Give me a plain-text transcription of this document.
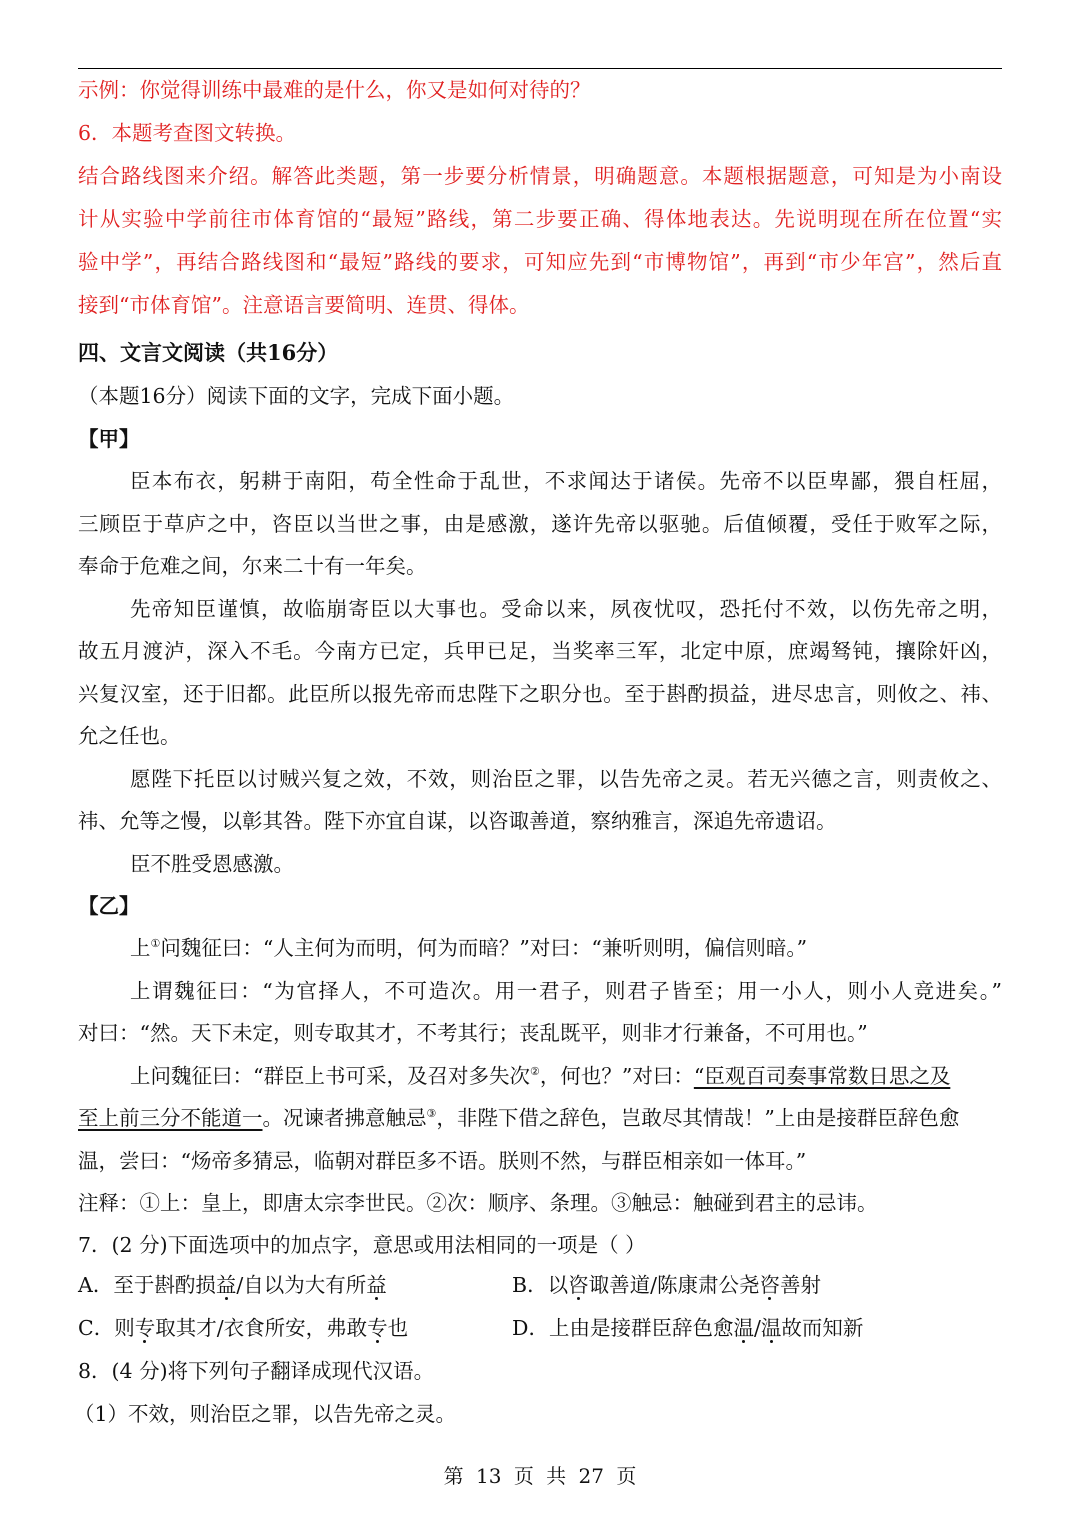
示例：你觉得训练中最难的是什么，你又是如何对待的？
6．本题考查图文转换。
结合路线图来介绍。解答此类题，第一步要分析情景，明确题意。本题根据题意，可知是为小南设
计从实验中学前往市体育馆的“最短”路线，第二步要正确、得体地表达。先说明现在所在位置“实
验中学”，再结合路线图和“最短”路线的要求，可知应先到“市博物馆”，再到“市少年宫”，然后直
接到“市体育馆”。注意语言要简明、连贯、得体。
四、文言文阅读（共16分）
（本题16分）阅读下面的文字，完成下面小题。
【甲】
臣本布衣，躬耕于南阳，苟全性命于乱世，不求闻达于诸侯。先帝不以臣卑鄙，猥自枉屈，
三顾臣于草庐之中，咨臣以当世之事，由是感激，遂许先帝以驱驰。后值倾覆，受任于败军之际，
奉命于危难之间，尔来二十有一年矣。
先帝知臣谨慎，故临崩寄臣以大事也。受命以来，夙夜忧叹，恐托付不效，以伤先帝之明，
故五月渡泸，深入不毛。今南方已定，兵甲已足，当奖率三军，北定中原，庶竭驽钝，攘除奸凶，
兴复汉室，还于旧都。此臣所以报先帝而忠陛下之职分也。至于斟酌损益，进尽忠言，则攸之、祎、
允之任也。
愿陛下托臣以讨贼兴复之效，不效，则治臣之罪，以告先帝之灵。若无兴德之言，则责攸之、
祎、允等之慢，以彰其咎。陛下亦宜自谋，以咨诹善道，察纳雅言，深追先帝遗诏。
臣不胜受恩感激。
【乙】
上①问魏征曰：“人主何为而明，何为而暗？”对曰：“兼听则明，偏信则暗。”
上谓魏征曰：“为官择人，不可造次。用一君子，则君子皆至；用一小人，则小人竞进矣。”
对曰：“然。天下未定，则专取其才，不考其行；丧乱既平，则非才行兼备，不可用也。”
上问魏征曰：“群臣上书可采，及召对多失次②，何也？”对曰：“臣观百司奏事常数日思之及
至上前三分不能道一。况谏者拂意触忌③，非陛下借之辞色，岂敢尽其情哉！”上由是接群臣辞色愈
温，尝曰：“炀帝多猜忌，临朝对群臣多不语。朕则不然，与群臣相亲如一体耳。”
注释：①上：皇上，即唐太宗李世民。②次：顺序、条理。③触忌：触碰到君主的忌讳。
7．(2 分)下面选项中的加点字，意思或用法相同的一项是（ ）
A．至于斟酌损益/自以为大有所益	B．以咨诹善道/陈康肃公尧咨善射
C．则专取其才/衣食所安，弗敢专也	D．上由是接群臣辞色愈温/温故而知新
8．(4 分)将下列句子翻译成现代汉语。
（1）不效，则治臣之罪，以告先帝之灵。
第 13 页 共 27 页
